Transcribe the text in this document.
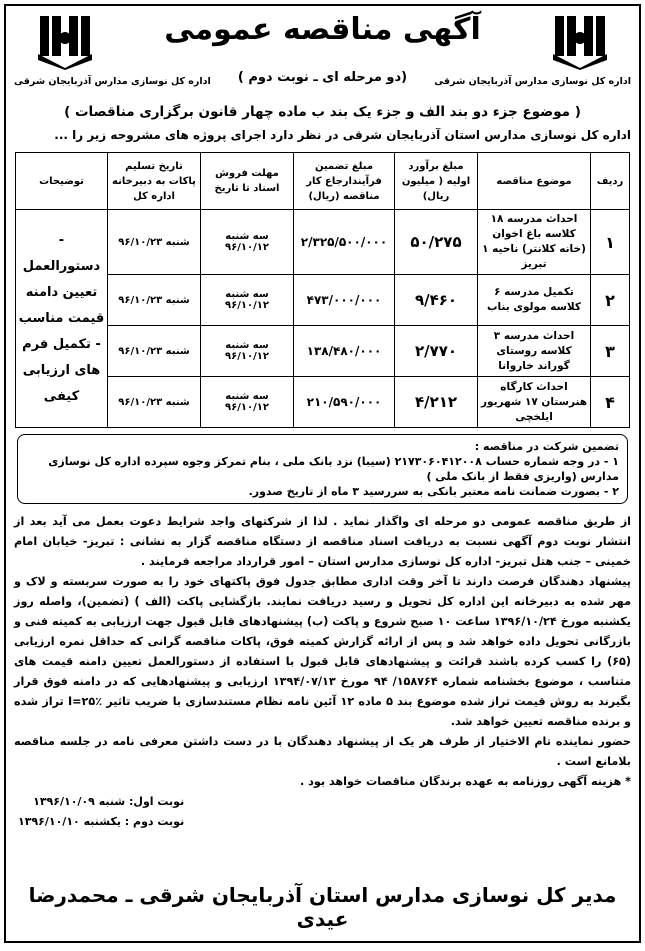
اداره کل نوسازی مدارس آذربایجان شرقی
اداره کل نوسازی مدارس آذربایجان شرقی
آگهی مناقصه عمومی
(دو مرحله ای ـ نوبت دوم )
( موضوع جزء دو بند الف و جزء یک بند ب ماده چهار قانون برگزاری مناقصات )
اداره کل نوسازی مدارس استان آذربایجان شرقی در نظر دارد اجرای پروژه های مشروحه زیر را ...
ردیف	موضوع مناقصه	مبلغ برآورد اولیه ( میلیون ریال)	مبلغ تضمین فرآیندارجاع کار مناقصه (ریال)	مهلت فروش اسناد تا تاریخ	تاریخ تسلیم پاکات به دبیرخانه اداره کل	توضیحات
۱	احداث مدرسه ۱۸ کلاسه باغ اخوان (خانه کلانتر) ناحیه ۱ تبریز	۵۰/۲۷۵	۲/۳۲۵/۵۰۰/۰۰۰	سه شنبه ۹۶/۱۰/۱۲	شنبه ۹۶/۱۰/۲۳	- دستورالعمل تعیین دامنه قیمت مناسب - تکمیل فرم های ارزیابی کیفی
۲	تکمیل مدرسه ۶ کلاسه مولوی بناب	۹/۴۶۰	۴۷۳/۰۰۰/۰۰۰	سه شنبه ۹۶/۱۰/۱۲	شنبه ۹۶/۱۰/۲۳	
۳	احداث مدرسه ۳ کلاسه روستای گوراند خاروانا	۲/۷۷۰	۱۳۸/۴۸۰/۰۰۰	سه شنبه ۹۶/۱۰/۱۲	شنبه ۹۶/۱۰/۲۳	
۴	احداث کارگاه هنرستان ۱۷ شهریور ایلخچی	۴/۲۱۲	۲۱۰/۵۹۰/۰۰۰	سه شنبه ۹۶/۱۰/۱۲	شنبه ۹۶/۱۰/۲۳	
تضمین شرکت در مناقصه :
۱ - در وجه شماره حساب ۲۱۷۳۰۶۰۴۱۲۰۰۸ (سیبا) نزد بانک ملی ، بنام تمرکز وجوه سپرده اداره کل نوسازی مدارس (واریزی فقط از بانک ملی )
۲ - بصورت ضمانت نامه معتبر بانکی به سررسید ۳ ماه از تاریخ صدور.

از طریق مناقصه عمومی دو مرحله ای واگذار نماید . لذا از شرکتهای واجد شرایط دعوت بعمل می آید بعد از انتشار نوبت دوم آگهی نسبت به دریافت اسناد مناقصه از دستگاه مناقصه گزار به نشانی : تبریز- خیابان امام خمینی – جنب هتل تبریز- اداره کل نوسازی مدارس استان – امور قرارداد مراجعه فرمایند .

پیشنهاد دهندگان فرصت دارند تا آخر وقت اداری مطابق جدول فوق پاکتهای خود را به صورت سربسته و لاک و مهر شده به دبیرخانه این اداره کل تحویل و رسید دریافت نمایند. بازگشایی پاکت (الف ) (تضمین)، واصله روز یکشنبه مورخ ۱۳۹۶/۱۰/۲۴ ساعت ۱۰ صبح شروع و پاکت (ب) پیشنهادهای قابل قبول جهت ارزیابی به کمیته فنی و بازرگانی تحویل داده خواهد شد و پس از ارائه گزارش کمیته فوق، پاکات مناقصه گرانی که حداقل نمره ارزیابی (۶۵) را کسب کرده باشند قرائت و پیشنهادهای قابل قبول با استفاده از دستورالعمل تعیین دامنه قیمت های متناسب ، موضوع بخشنامه شماره ۱۵۸۷۶۴/ ۹۴ مورخ ۱۳۹۴/۰۷/۱۳ ارزیابی و پیشنهادهایی که در دامنه فوق قرار بگیرند به روش قیمت تراز شده موضوع بند ۵ ماده ۱۲ آئین نامه نظام مستندسازی با ضریب تاثیر ٪۲۵=I تراز شده و برنده مناقصه تعیین خواهد شد.

حضور نماینده تام الاختیار از طرف هر یک از پیشنهاد دهندگان با در دست داشتن معرفی نامه در جلسه مناقصه بلامانع است .

* هزینه آگهی روزنامه به عهده برندگان مناقصات خواهد بود .

نوبت اول: شنبه ۱۳۹۶/۱۰/۰۹
نوبت دوم : یکشنبه ۱۳۹۶/۱۰/۱۰
مدیر کل نوسازی مدارس استان آذربایجان شرقی ـ محمدرضا عیدی
